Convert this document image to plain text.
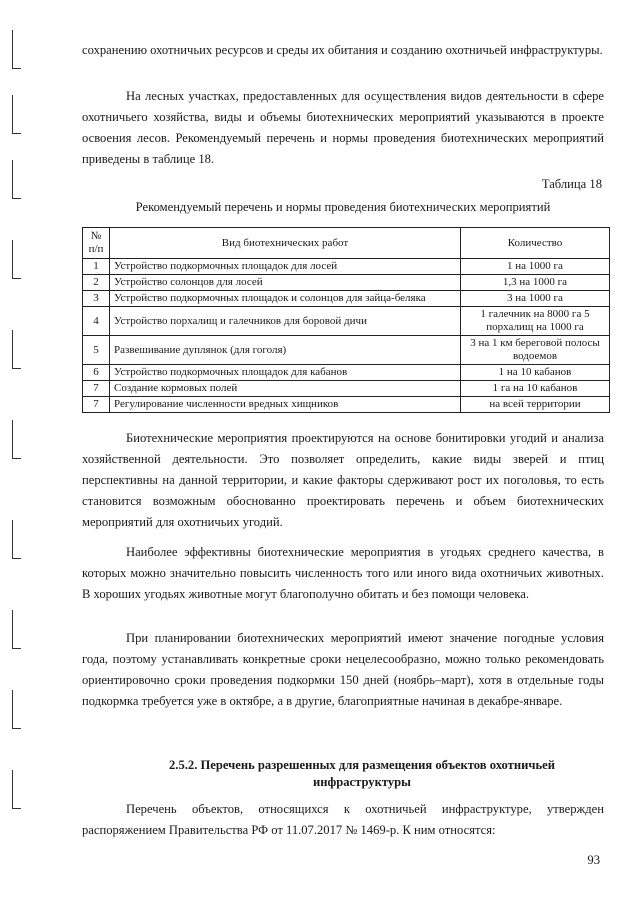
сохранению охотничьих ресурсов и среды их обитания и созданию охотничьей инфраструктуры.

На лесных участках, предоставленных для осуществления видов деятельности в сфере охотничьего хозяйства, виды и объемы биотехнических мероприятий указываются в проекте освоения лесов. Рекомендуемый перечень и нормы проведения биотехнических мероприятий приведены в таблице 18.

Таблица 18
Рекомендуемый перечень и нормы проведения биотехнических мероприятий
№ п/п	Вид биотехнических работ	Количество
1	Устройство подкормочных площадок для лосей	1 на 1000 га
2	Устройство солонцов для лосей	1,3 на 1000 га
3	Устройство подкормочных площадок и солонцов для зайца-беляка	3 на 1000 га
4	Устройство порхалищ и галечников для боровой дичи	1 галечник на 8000 га 5 порхалищ на 1000 га
5	Развешивание дуплянок (для гоголя)	3 на 1 км береговой полосы водоемов
6	Устройство подкормочных площадок для кабанов	1 на 10 кабанов
7	Создание кормовых полей	1 га на 10 кабанов
7	Регулирование численности вредных хищников	на всей территории

Биотехнические мероприятия проектируются на основе бонитировки угодий и анализа хозяйственной деятельности. Это позволяет определить, какие виды зверей и птиц перспективны на данной территории, и какие факторы сдерживают рост их поголовья, то есть становится возможным обоснованно проектировать перечень и объем биотехнических мероприятий для охотничьих угодий.

Наиболее эффективны биотехнические мероприятия в угодьях среднего качества, в которых можно значительно повысить численность того или иного вида охотничьих животных. В хороших угодьях животные могут благополучно обитать и без помощи человека.

При планировании биотехнических мероприятий имеют значение погодные условия года, поэтому устанавливать конкретные сроки нецелесообразно, можно только рекомендовать ориентировочно сроки проведения подкормки 150 дней (ноябрь–март), хотя в отдельные годы подкормка требуется уже в октябре, а в другие, благоприятные начиная в декабре-январе.

2.5.2. Перечень разрешенных для размещения объектов охотничьей инфраструктуры

Перечень объектов, относящихся к охотничьей инфраструктуре, утвержден распоряжением Правительства РФ от 11.07.2017 № 1469-р. К ним относятся:

93
